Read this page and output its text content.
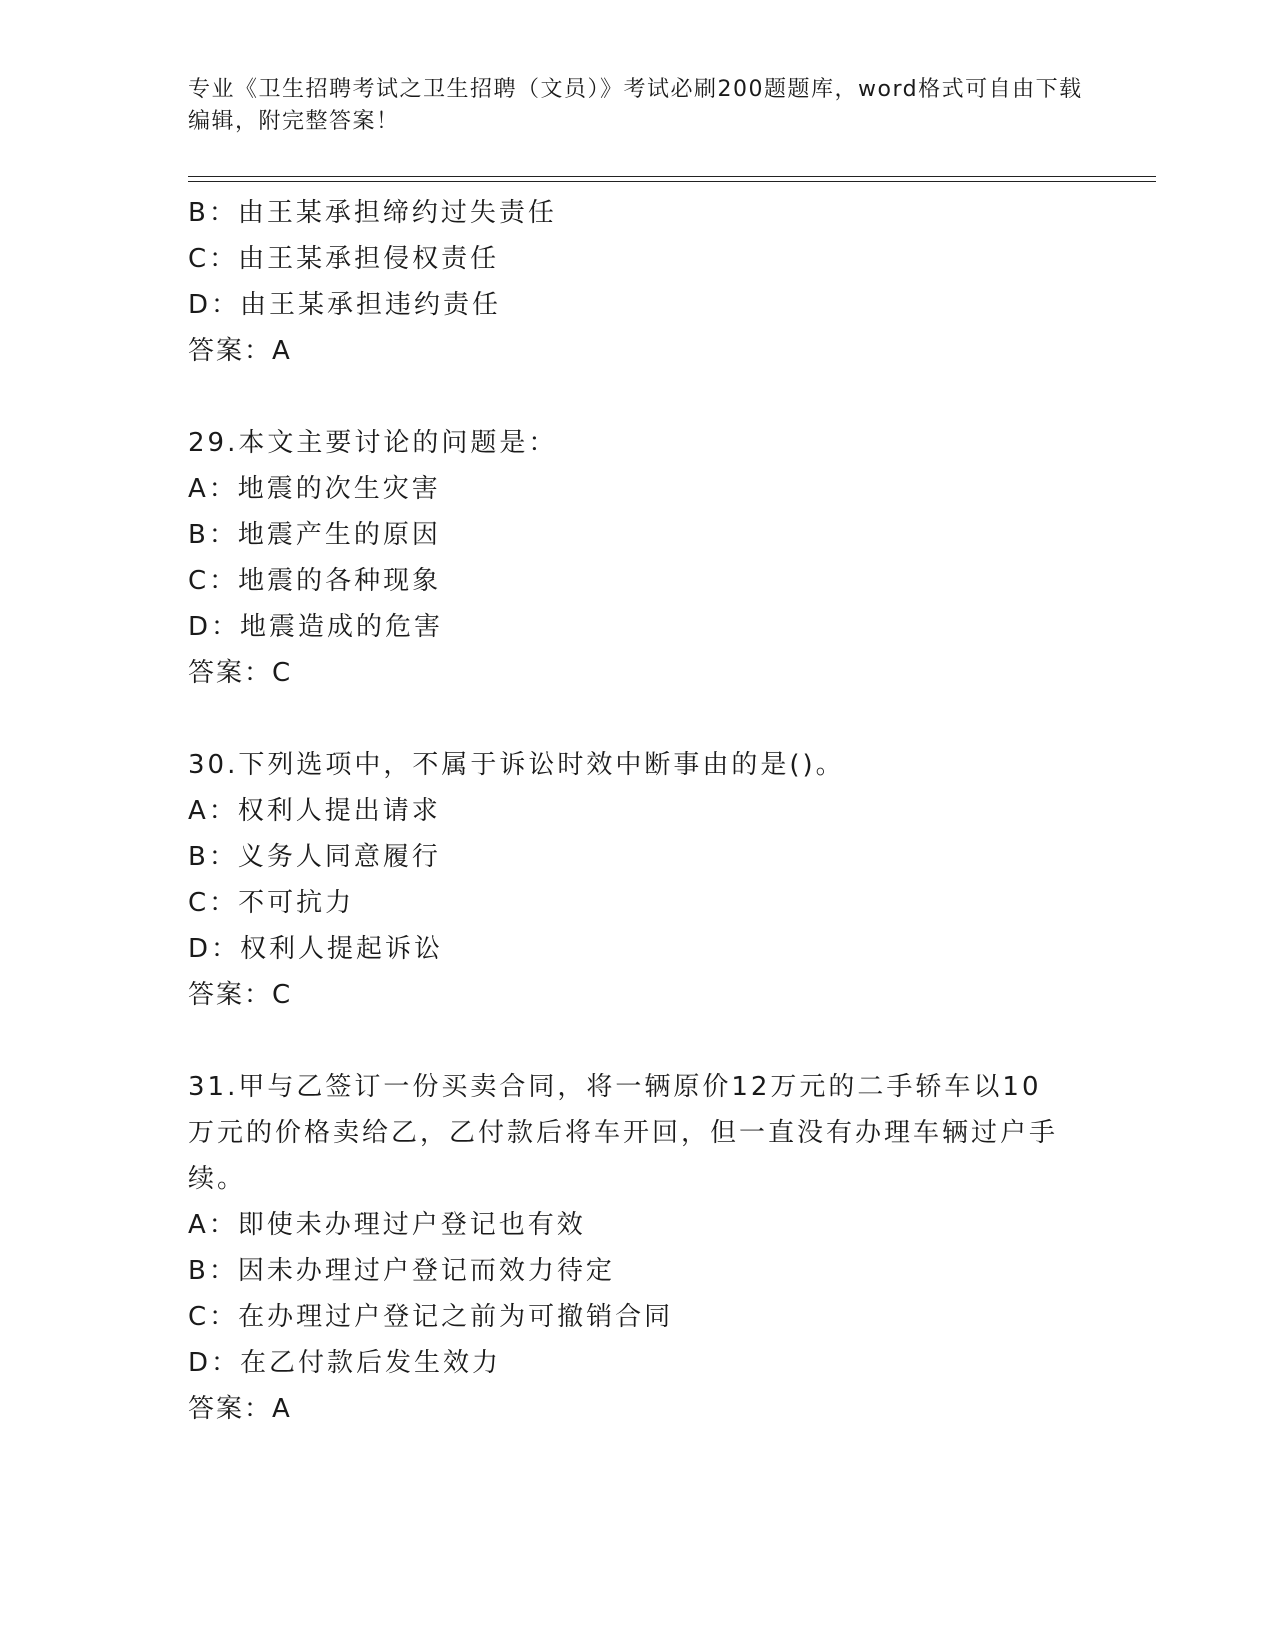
专业《卫生招聘考试之卫生招聘（文员）》考试必刷200题题库，word格式可自由下载编辑，附完整答案！
B：由王某承担缔约过失责任
C：由王某承担侵权责任
D：由王某承担违约责任
答案：A
29.本文主要讨论的问题是：
A：地震的次生灾害
B：地震产生的原因
C：地震的各种现象
D：地震造成的危害
答案：C
30.下列选项中，不属于诉讼时效中断事由的是()。
A：权利人提出请求
B：义务人同意履行
C：不可抗力
D：权利人提起诉讼
答案：C
31.甲与乙签订一份买卖合同，将一辆原价12万元的二手轿车以10万元的价格卖给乙，乙付款后将车开回，但一直没有办理车辆过户手续。
A：即使未办理过户登记也有效
B：因未办理过户登记而效力待定
C：在办理过户登记之前为可撤销合同
D：在乙付款后发生效力
答案：A
